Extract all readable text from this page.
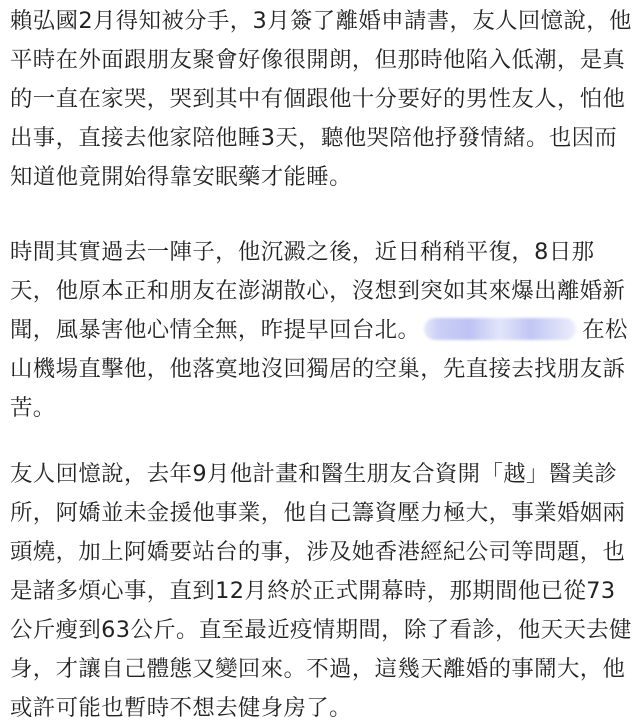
賴弘國2月得知被分手，3月簽了離婚申請書，友人回憶說，他平時在外面跟朋友聚會好像很開朗，但那時他陷入低潮，是真的一直在家哭，哭到其中有個跟他十分要好的男性友人，怕他出事，直接去他家陪他睡3天，聽他哭陪他抒發情緒。也因而知道他竟開始得靠安眠藥才能睡。

時間其實過去一陣子，他沉澱之後，近日稍稍平復，8日那天，他原本正和朋友在澎湖散心，沒想到突如其來爆出離婚新聞，風暴害他心情全無，昨提早回台北。	在松山機場直擊他，他落寞地沒回獨居的空巢，先直接去找朋友訴苦。

友人回憶說，去年9月他計畫和醫生朋友合資開「越」醫美診所，阿嬌並未金援他事業，他自己籌資壓力極大，事業婚姻兩頭燒，加上阿嬌要站台的事，涉及她香港經紀公司等問題，也是諸多煩心事，直到12月終於正式開幕時，那期間他已從73公斤瘦到63公斤。直至最近疫情期間，除了看診，他天天去健身，才讓自己體態又變回來。不過，這幾天離婚的事鬧大，他或許可能也暫時不想去健身房了。
